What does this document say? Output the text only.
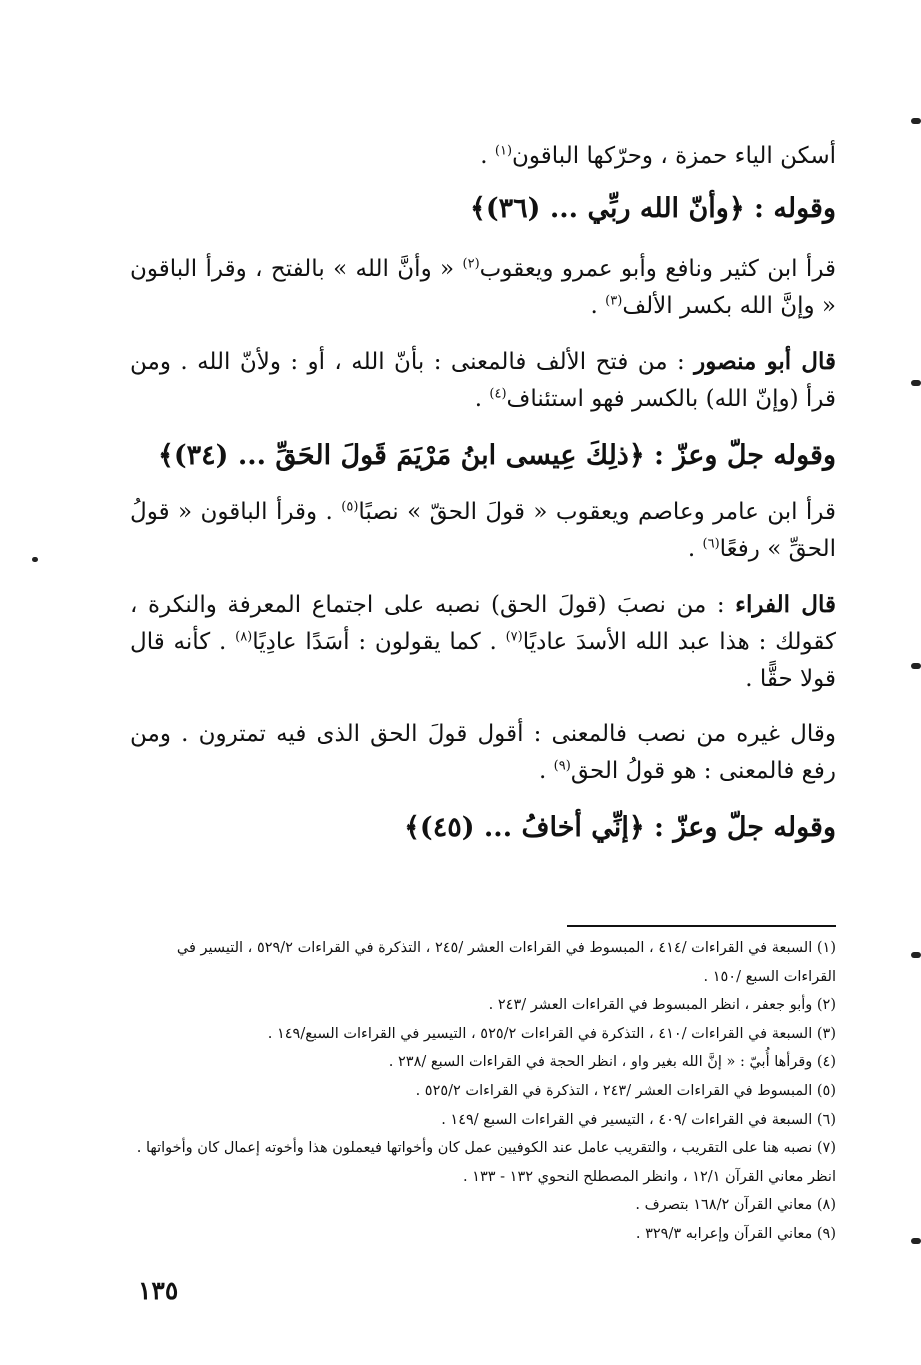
أسكن الياء حمزة ، وحرّكها الباقون$^{(١)}$ .

وقوله : ﴿وأنّ الله ربِّي ... (٣٦)﴾

قرأ ابن كثير ونافع وأبو عمرو ويعقوب$^{(٢)}$ « وأنَّ الله » بالفتح ، وقرأ الباقون « وإنَّ الله بكسر الألف$^{(٣)}$ .

قال أبو منصور : من فتح الألف فالمعنى : بأنّ الله ، أو : ولأنّ الله . ومن قرأ (وإنّ الله) بالكسر فهو استئناف$^{(٤)}$ .

وقوله جلّ وعزّ : ﴿ذلِكَ عِيسى ابنُ مَرْيَمَ قَولَ الحَقِّ ... (٣٤)﴾

قرأ ابن عامر وعاصم ويعقوب « قولَ الحقّ » نصبًا$^{(٥)}$ . وقرأ الباقون « قولُ الحقِّ » رفعًا$^{(٦)}$ .

قال الفراء : من نصبَ (قولَ الحق) نصبه على اجتماع المعرفة والنكرة ، كقولك : هذا عبد الله الأسدَ عاديًا$^{(٧)}$ . كما يقولون : أسَدًا عادِيًا$^{(٨)}$ . كأنه قال قولا حقًّا .

وقال غيره من نصب فالمعنى : أقول قولَ الحق الذى فيه تمترون . ومن رفع فالمعنى : هو قولُ الحق$^{(٩)}$ .

وقوله جلّ وعزّ : ﴿إنِّي أخافُ ... (٤٥)﴾

(١) السبعة في القراءات /٤١٤ ، المبسوط في القراءات العشر /٢٤٥ ، التذكرة في القراءات ٥٢٩/٢ ، التيسير في القراءات السبع /١٥٠ .

(٢) وأبو جعفر ، انظر المبسوط في القراءات العشر /٢٤٣ .

(٣) السبعة في القراءات /٤١٠ ، التذكرة في القراءات ٥٢٥/٢ ، التيسير في القراءات السبع/١٤٩ .

(٤) وقرأها أُبيّ : « إنَّ الله بغير واو ، انظر الحجة في القراءات السبع /٢٣٨ .

(٥) المبسوط في القراءات العشر /٢٤٣ ، التذكرة في القراءات ٥٢٥/٢ .

(٦) السبعة في القراءات /٤٠٩ ، التيسير في القراءات السبع /١٤٩ .

(٧) نصبه هنا على التقريب ، والتقريب عامل عند الكوفيين عمل كان وأخواتها فيعملون هذا وأخوته إعمال كان وأخواتها . انظر معاني القرآن ١٢/١ ، وانظر المصطلح النحوي ١٣٢ - ١٣٣ .

(٨) معاني القرآن ١٦٨/٢ بتصرف .

(٩) معاني القرآن وإعرابه ٣٢٩/٣ .

١٣٥
